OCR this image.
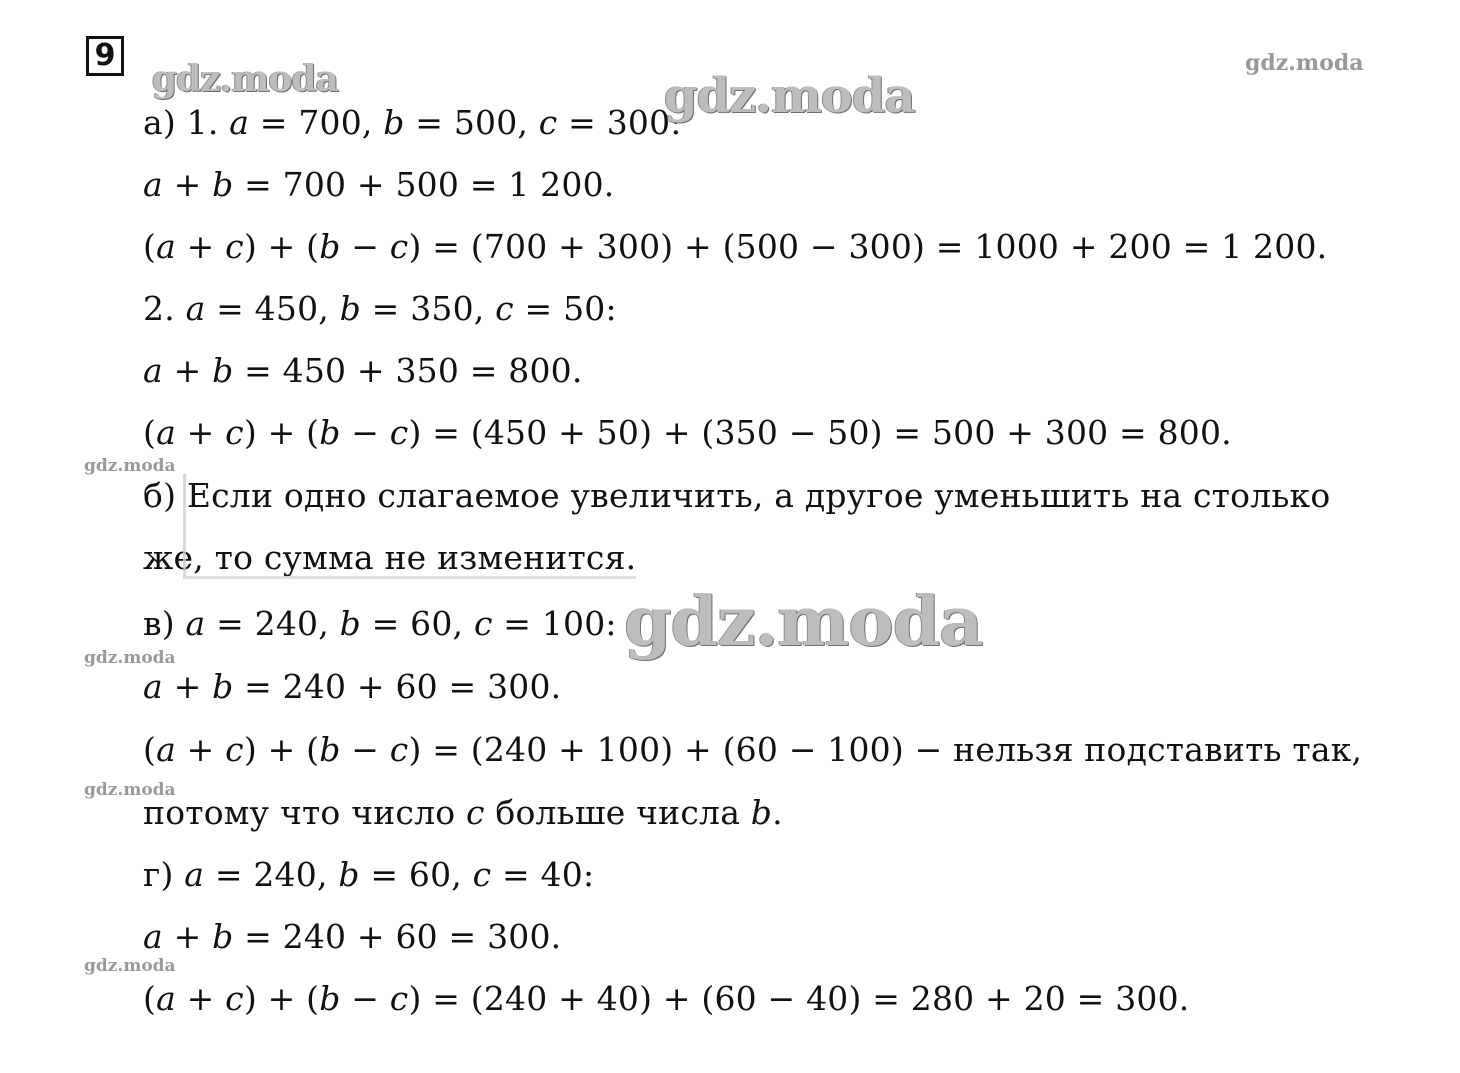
9
а) 1. 𝑎 = 700, 𝑏 = 500, 𝑐 = 300:
𝑎 + 𝑏 = 700 + 500 = 1 200.
(𝑎 + 𝑐) + (𝑏 − 𝑐) = (700 + 300) + (500 − 300) = 1000 + 200 = 1 200.
2. 𝑎 = 450, 𝑏 = 350, 𝑐 = 50:
𝑎 + 𝑏 = 450 + 350 = 800.
(𝑎 + 𝑐) + (𝑏 − 𝑐) = (450 + 50) + (350 − 50) = 500 + 300 = 800.
б) Если одно слагаемое увеличить, а другое уменьшить на столько
же, то сумма не изменится.
в) 𝑎 = 240, 𝑏 = 60, 𝑐 = 100:
𝑎 + 𝑏 = 240 + 60 = 300.
(𝑎 + 𝑐) + (𝑏 − 𝑐) = (240 + 100) + (60 − 100) − нельзя подставить так,
потому что число 𝑐 больше числа 𝑏.
г) 𝑎 = 240, 𝑏 = 60, 𝑐 = 40:
𝑎 + 𝑏 = 240 + 60 = 300.
(𝑎 + 𝑐) + (𝑏 − 𝑐) = (240 + 40) + (60 − 40) = 280 + 20 = 300.
gdz.moda	gdz.moda
gdz.moda
gdz.moda
gdz.moda
gdz.moda
gdz.moda
gdz.moda
